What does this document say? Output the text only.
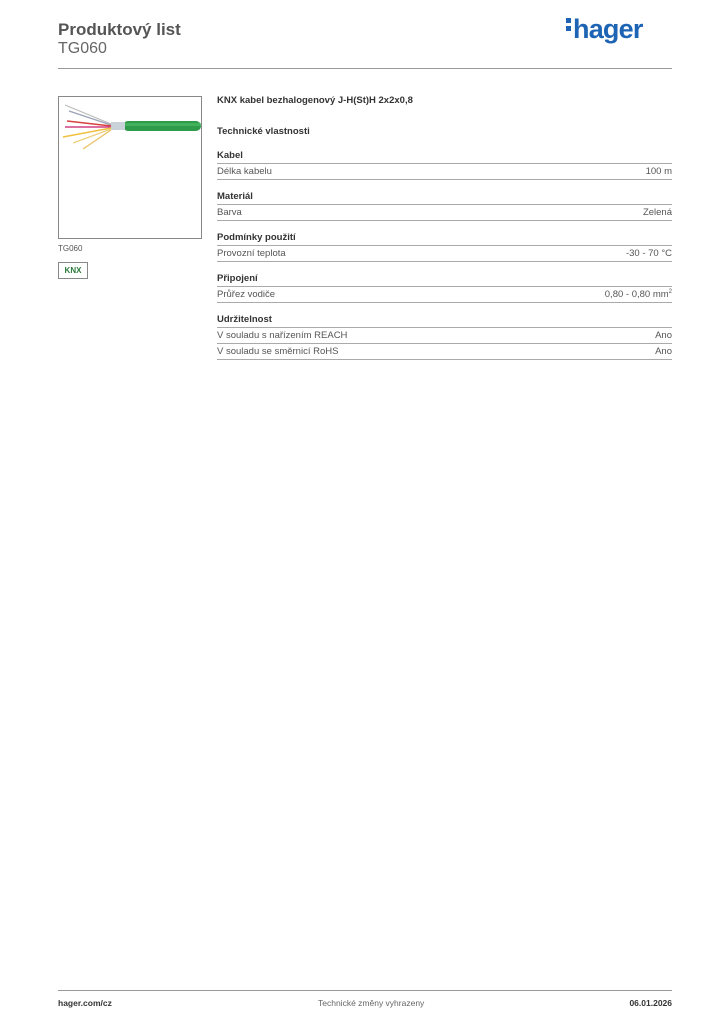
Produktový list
TG060
hager
TG060
KNX
KNX kabel bezhalogenový J-H(St)H 2x2x0,8
Technické vlastnosti
Kabel
Délka kabelu	100 m
Materiál
Barva	Zelená
Podmínky použití
Provozní teplota	-30 - 70 °C
Připojení
Průřez vodiče	0,80 - 0,80 $mm^2$
Udržitelnost
V souladu s nařízením REACH	Ano
V souladu se směrnicí RoHS	Ano
hager.com/cz	Technické změny vyhrazeny	06.01.2026
